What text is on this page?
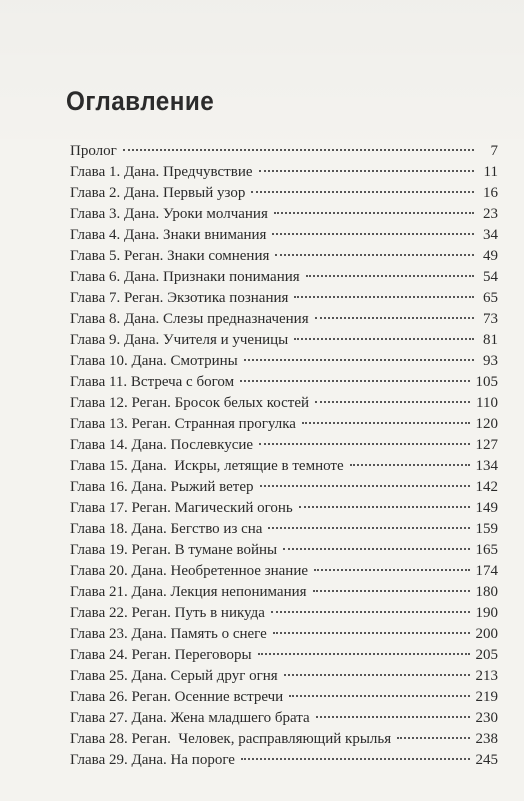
Оглавление
Пролог	7
Глава 1. Дана. Предчувствие	11
Глава 2. Дана. Первый узор	16
Глава 3. Дана. Уроки молчания	23
Глава 4. Дана. Знаки внимания	34
Глава 5. Реган. Знаки сомнения	49
Глава 6. Дана. Признаки понимания	54
Глава 7. Реган. Экзотика познания	65
Глава 8. Дана. Слезы предназначения	73
Глава 9. Дана. Учителя и ученицы	81
Глава 10. Дана. Смотрины	93
Глава 11. Встреча с богом	105
Глава 12. Реган. Бросок белых костей	110
Глава 13. Реган. Странная прогулка	120
Глава 14. Дана. Послевкусие	127
Глава 15. Дана.  Искры, летящие в темноте	134
Глава 16. Дана. Рыжий ветер	142
Глава 17. Реган. Магический огонь	149
Глава 18. Дана. Бегство из сна	159
Глава 19. Реган. В тумане войны	165
Глава 20. Дана. Необретенное знание	174
Глава 21. Дана. Лекция непонимания	180
Глава 22. Реган. Путь в никуда	190
Глава 23. Дана. Память о снеге	200
Глава 24. Реган. Переговоры	205
Глава 25. Дана. Серый друг огня	213
Глава 26. Реган. Осенние встречи	219
Глава 27. Дана. Жена младшего брата	230
Глава 28. Реган.  Человек, расправляющий крылья	238
Глава 29. Дана. На пороге	245
